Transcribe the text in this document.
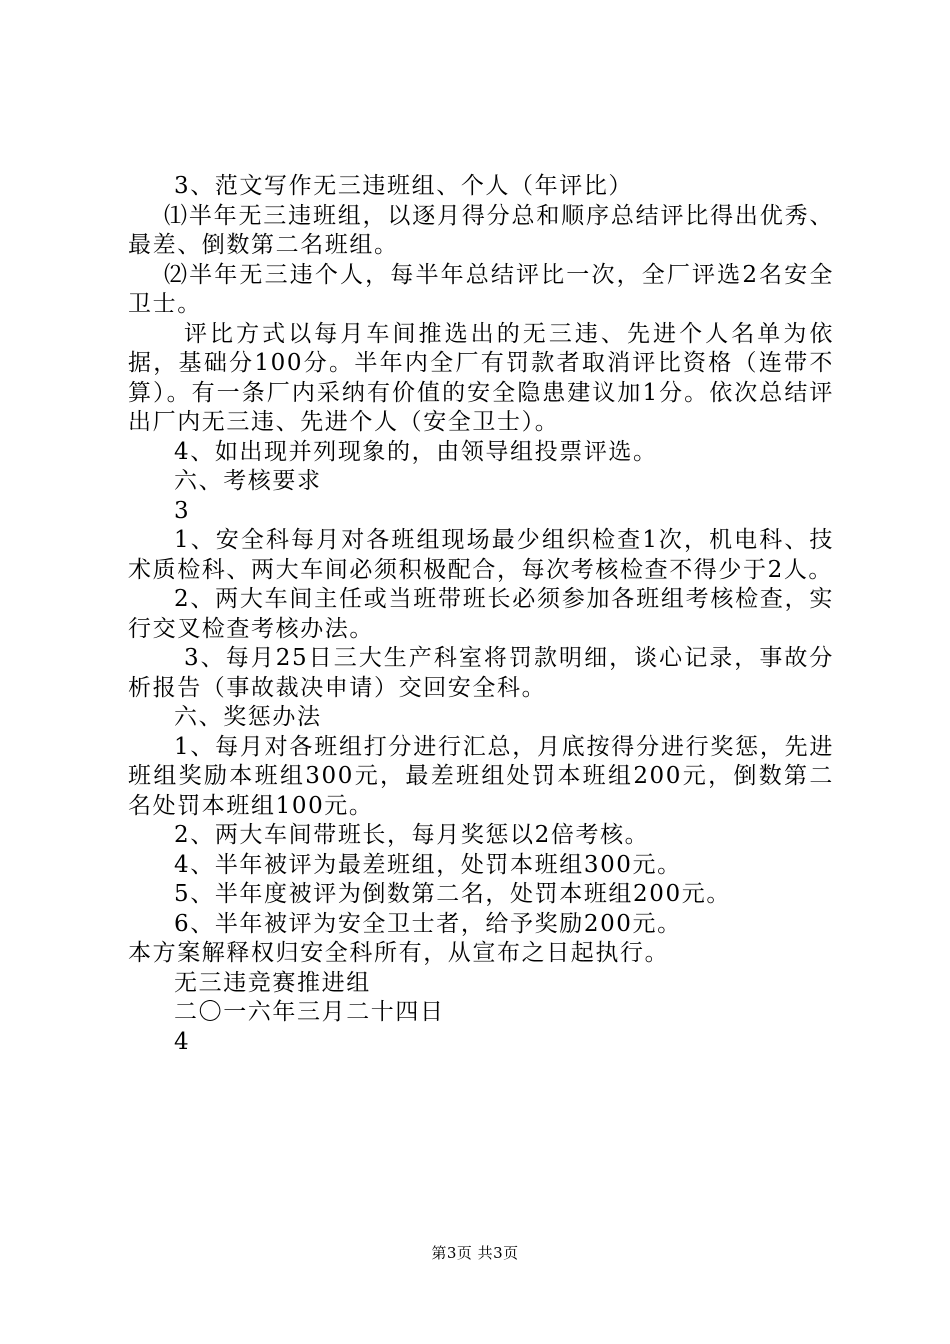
3、范文写作无三违班组、个人（年评比）

⑴半年无三违班组，以逐月得分总和顺序总结评比得出优秀、最差、倒数第二名班组。

⑵半年无三违个人，每半年总结评比一次，全厂评选2名安全卫士。

评比方式以每月车间推选出的无三违、先进个人名单为依据，基础分100分。半年内全厂有罚款者取消评比资格（连带不算）。有一条厂内采纳有价值的安全隐患建议加1分。依次总结评出厂内无三违、先进个人（安全卫士）。

4、如出现并列现象的，由领导组投票评选。

六、考核要求

3

1、安全科每月对各班组现场最少组织检查1次，机电科、技术质检科、两大车间必须积极配合，每次考核检查不得少于2人。

2、两大车间主任或当班带班长必须参加各班组考核检查，实行交叉检查考核办法。

3、每月25日三大生产科室将罚款明细，谈心记录，事故分析报告（事故裁决申请）交回安全科。

六、奖惩办法

1、每月对各班组打分进行汇总，月底按得分进行奖惩，先进班组奖励本班组300元，最差班组处罚本班组200元，倒数第二名处罚本班组100元。

2、两大车间带班长，每月奖惩以2倍考核。

4、半年被评为最差班组，处罚本班组300元。

5、半年度被评为倒数第二名，处罚本班组200元。

6、半年被评为安全卫士者，给予奖励200元。

本方案解释权归安全科所有，从宣布之日起执行。

无三违竞赛推进组

二〇一六年三月二十四日

4

第3页 共3页
